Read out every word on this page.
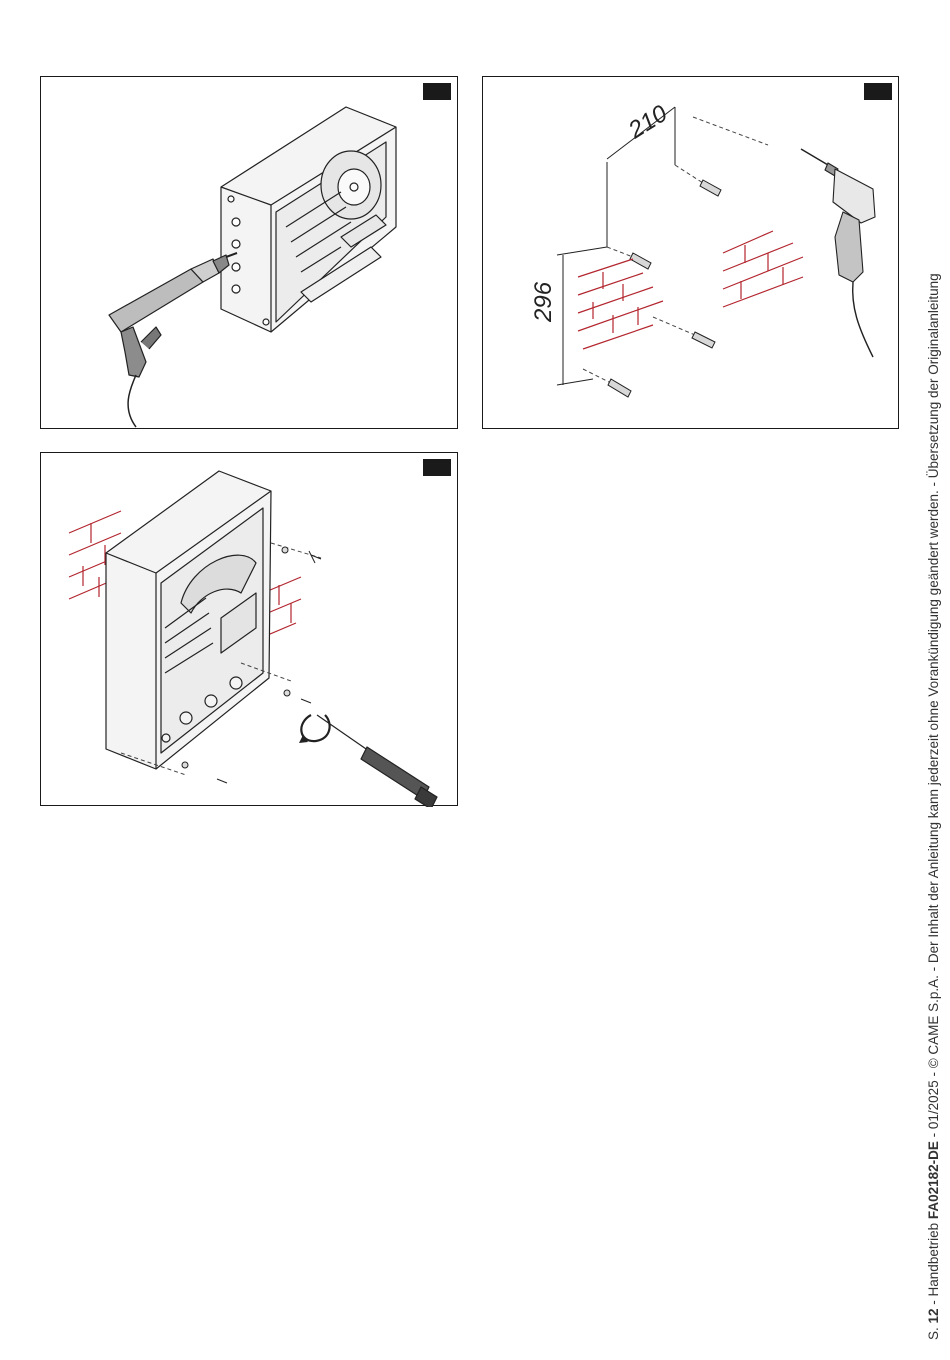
210
296
S. 12 - Handbetrieb FA02182-DE - 01/2025 - © CAME S.p.A. - Der Inhalt der Anleitung kann jederzeit ohne Vorankündigung geändert werden. - Übersetzung der Originalanleitung
